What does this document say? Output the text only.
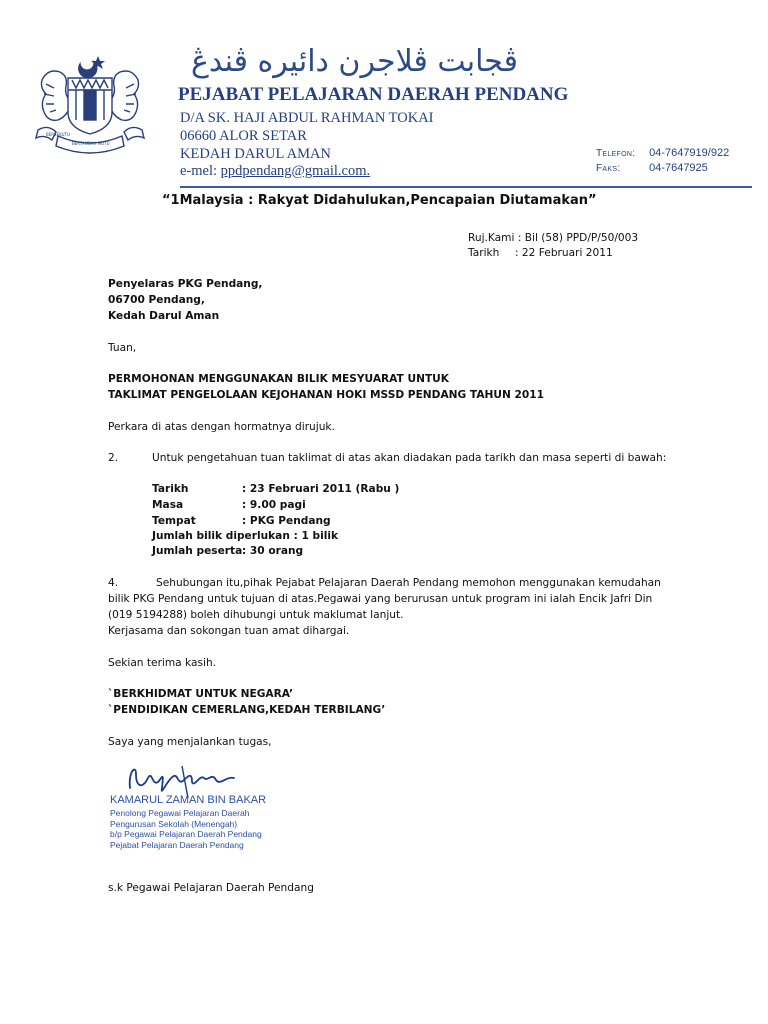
BERSEKUTU
BERTAMBAH MUTU
ڤجابت ڤلاجرن دائيره ڤندڠ
PEJABAT PELAJARAN DAERAH PENDANG
D/A SK. HAJI ABDUL RAHMAN TOKAI
06660 ALOR SETAR
KEDAH DARUL AMAN
e-mel: ppdpendang@gmail.com.
Telefon: 04-7647919/922
Faks:	04-7647925
“1Malaysia : Rakyat Didahulukan,Pencapaian Diutamakan”
Ruj.Kami : Bil (58) PPD/P/50/003
Tarikh : 22 Februari 2011
Penyelaras PKG Pendang,
06700 Pendang,
Kedah Darul Aman
Tuan,
PERMOHONAN MENGGUNAKAN BILIK MESYUARAT UNTUK
TAKLIMAT PENGELOLAAN KEJOHANAN HOKI MSSD PENDANG TAHUN 2011
Perkara di atas dengan hormatnya dirujuk.
2.	Untuk pengetahuan tuan taklimat di atas akan diadakan pada tarikh dan masa seperti di bawah:
Tarikh	: 23 Februari 2011 (Rabu )
Masa	: 9.00 pagi
Tempat	: PKG Pendang
Jumlah bilik diperlukan : 1 bilik
Jumlah peserta: 30 orang
4.	Sehubungan itu,pihak Pejabat Pelajaran Daerah Pendang memohon menggunakan kemudahan
bilik PKG Pendang untuk tujuan di atas.Pegawai yang berurusan untuk program ini ialah Encik Jafri Din
(019 5194288) boleh dihubungi untuk maklumat lanjut.
Kerjasama dan sokongan tuan amat dihargai.
Sekian terima kasih.
`BERKHIDMAT UNTUK NEGARA’
`PENDIDIKAN CEMERLANG,KEDAH TERBILANG’
Saya yang menjalankan tugas,
KAMARUL ZAMAN BIN BAKAR
Penolong Pegawai Pelajaran Daerah
Pengurusan Sekolah (Menengah)
b/p Pegawai Pelajaran Daerah Pendang
Pejabat Pelajaran Daerah Pendang
s.k Pegawai Pelajaran Daerah Pendang
